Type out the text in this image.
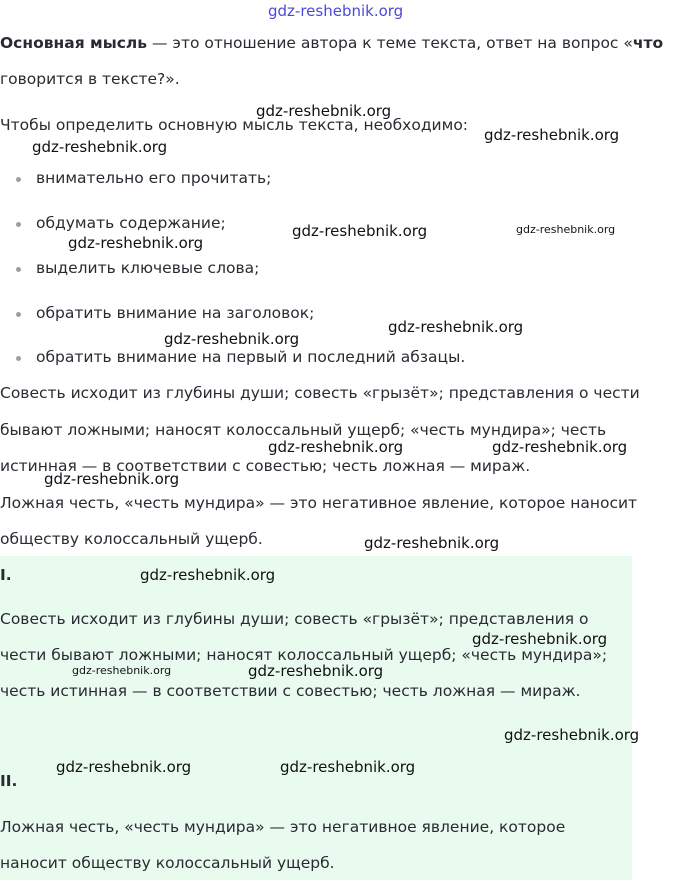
Основная мысль — это отношение автора к теме текста, ответ на вопрос «что
говорится в тексте?».
Чтобы определить основную мысль текста, необходимо:
внимательно его прочитать;
обдумать содержание;
выделить ключевые слова;
обратить внимание на заголовок;
обратить внимание на первый и последний абзацы.
Совесть исходит из глубины души; совесть «грызёт»; представления о чести
бывают ложными; наносят колоссальный ущерб; «честь мундира»; честь
истинная — в соответствии с совестью; честь ложная — мираж.
Ложная честь, «честь мундира» — это негативное явление, которое наносит
обществу колоссальный ущерб.
I.
Совесть исходит из глубины души; совесть «грызёт»; представления о
чести бывают ложными; наносят колоссальный ущерб; «честь мундира»;
честь истинная — в соответствии с совестью; честь ложная — мираж.
II.
Ложная честь, «честь мундира» — это негативное явление, которое
наносит обществу колоссальный ущерб.
gdz-reshebnik.org
gdz-reshebnik.org
gdz-reshebnik.org
gdz-reshebnik.org
gdz-reshebnik.org	gdz-reshebnik.org
gdz-reshebnik.org
gdz-reshebnik.org
gdz-reshebnik.org
gdz-reshebnik.org	gdz-reshebnik.org
gdz-reshebnik.org
gdz-reshebnik.org
gdz-reshebnik.org
gdz-reshebnik.org
gdz-reshebnik.org	gdz-reshebnik.org
gdz-reshebnik.org
gdz-reshebnik.org	gdz-reshebnik.org
